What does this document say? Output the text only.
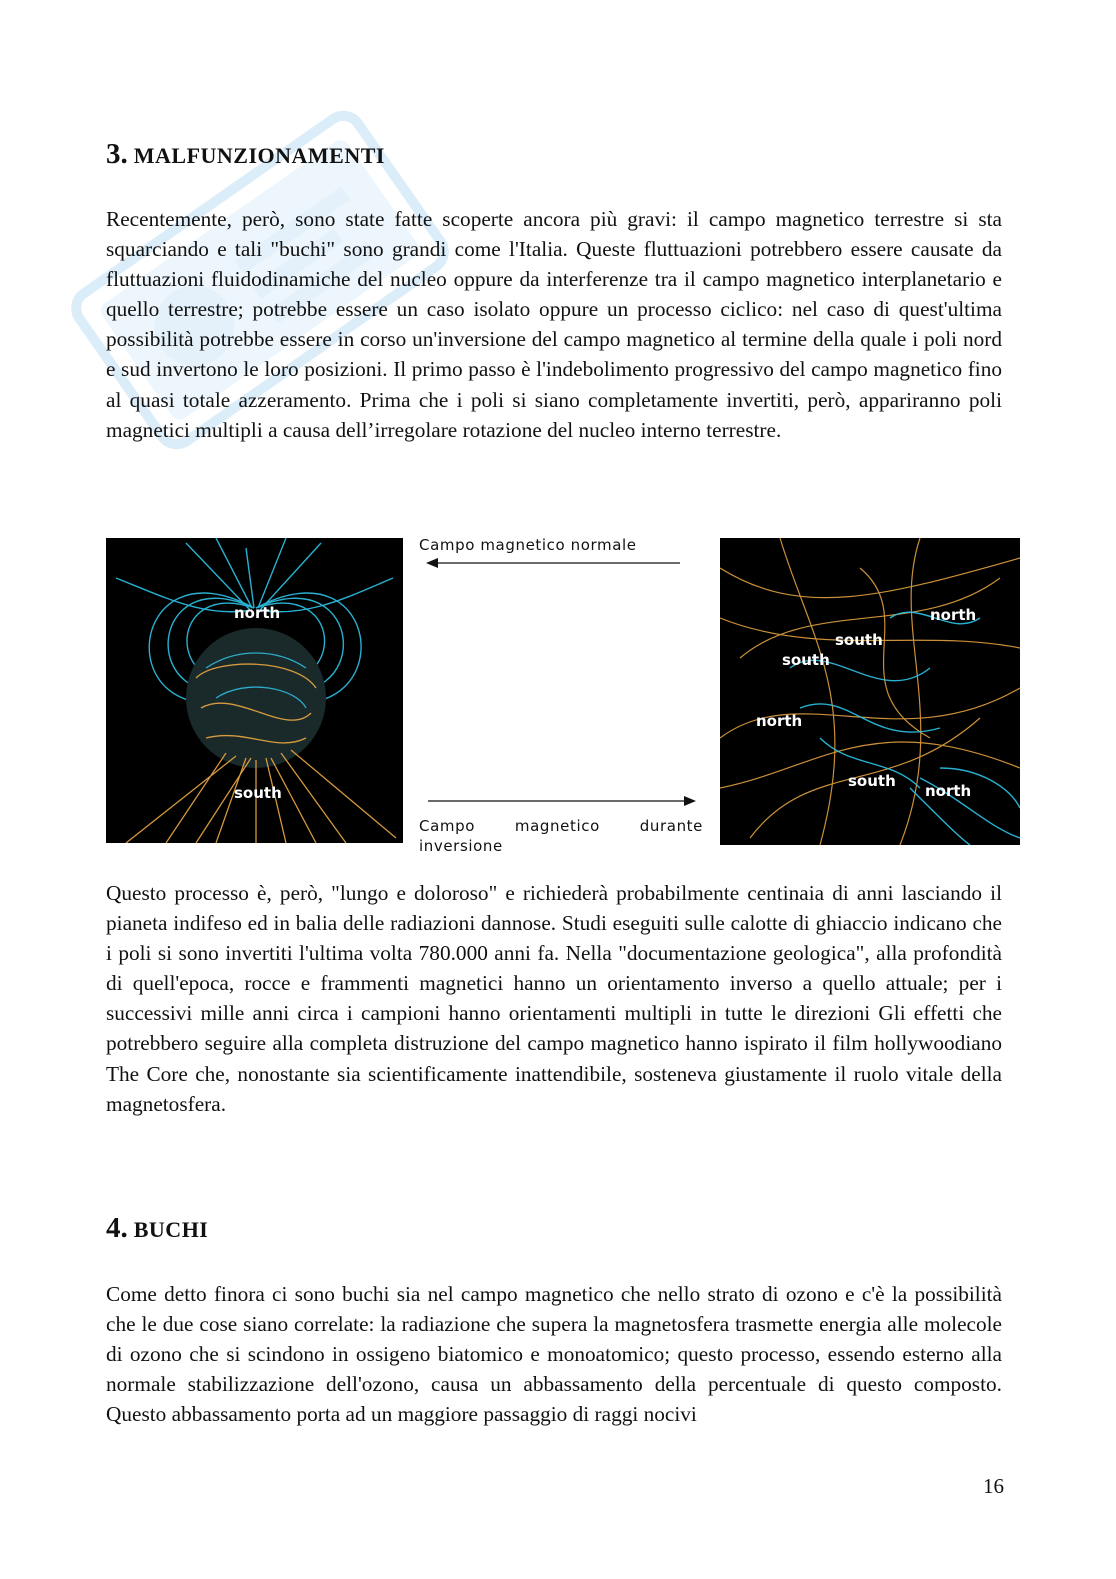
3. MALFUNZIONAMENTI

Recentemente, però, sono state fatte scoperte ancora più gravi: il campo magnetico terrestre si sta squarciando e tali "buchi" sono grandi come l'Italia. Queste fluttuazioni potrebbero essere causate da fluttuazioni fluidodinamiche del nucleo oppure da interferenze tra il campo magnetico interplanetario e quello terrestre; potrebbe essere un caso isolato oppure un processo ciclico: nel caso di quest'ultima possibilità potrebbe essere in corso un'inversione del campo magnetico al termine della quale i poli nord e sud invertono le loro posizioni. Il primo passo è l'indebolimento progressivo del campo magnetico fino al quasi totale azzeramento. Prima che i poli si siano completamente invertiti, però, appariranno poli magnetici multipli a causa dell’irregolare rotazione del nucleo interno terrestre.

north
south
Campo magnetico normale
Campo magnetico durante inversione
north
south
south
north
south
north

Questo processo è, però, "lungo e doloroso" e richiederà probabilmente centinaia di anni lasciando il pianeta indifeso ed in balia delle radiazioni dannose. Studi eseguiti sulle calotte di ghiaccio indicano che i poli si sono invertiti l'ultima volta 780.000 anni fa. Nella "documentazione geologica", alla profondità di quell'epoca, rocce e frammenti magnetici hanno un orientamento inverso a quello attuale; per i successivi mille anni circa i campioni hanno orientamenti multipli in tutte le direzioni Gli effetti che potrebbero seguire alla completa distruzione del campo magnetico hanno ispirato il film hollywoodiano The Core che, nonostante sia scientificamente inattendibile, sosteneva giustamente il ruolo vitale della magnetosfera.

4. BUCHI

Come detto finora ci sono buchi sia nel campo magnetico che nello strato di ozono e c'è la possibilità che le due cose siano correlate: la radiazione che supera la magnetosfera trasmette energia alle molecole di ozono che si scindono in ossigeno biatomico e monoatomico; questo processo, essendo esterno alla normale stabilizzazione dell'ozono, causa un abbassamento della percentuale di questo composto. Questo abbassamento porta ad un maggiore passaggio di raggi nocivi

16
